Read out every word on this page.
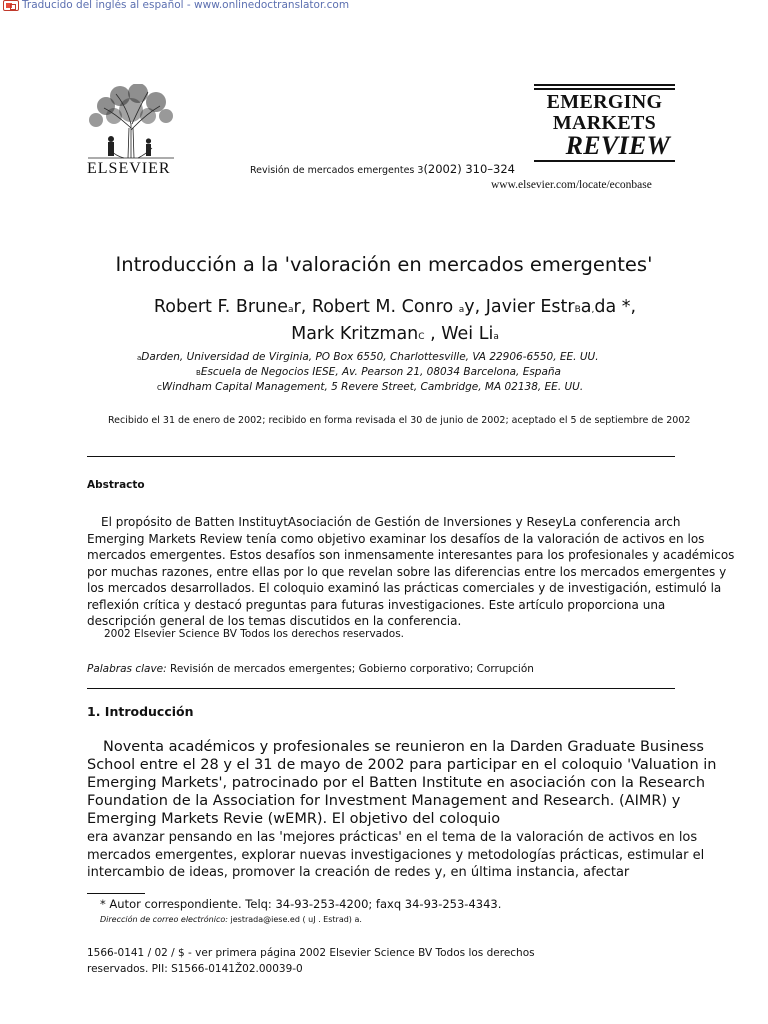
Traducido del inglés al español - www.onlinedoctranslator.com
ELSEVIER	Revisión de mercados emergentes 3(2002) 310–324
EMERGING
MARKETS
REVIEW
www.elsevier.com/locate/econbase
Introducción a la 'valoración en mercados emergentes'
Robert F. Brunear, Robert M. Conro ay, Javier EstrBa,da *,
Mark KritzmanC , Wei Lia
aDarden, Universidad de Virginia, PO Box 6550, Charlottesville, VA 22906-6550, EE. UU.
BEscuela de Negocios IESE, Av. Pearson 21, 08034 Barcelona, España
CWindham Capital Management, 5 Revere Street, Cambridge, MA 02138, EE. UU.
Recibido el 31 de enero de 2002; recibido en forma revisada el 30 de junio de 2002; aceptado el 5 de septiembre de 2002
Abstracto
El propósito de Batten InstituytAsociación de Gestión de Inversiones y ReseyLa conferencia arch Emerging Markets Review tenía como objetivo examinar los desafíos de la valoración de activos en los mercados emergentes. Estos desafíos son inmensamente interesantes para los profesionales y académicos por muchas razones, entre ellas por lo que revelan sobre las diferencias entre los mercados emergentes y los mercados desarrollados. El coloquio examinó las prácticas comerciales y de investigación, estimuló la reflexión crítica y destacó preguntas para futuras investigaciones. Este artículo proporciona una descripción general de los temas discutidos en la conferencia.
2002 Elsevier Science BV Todos los derechos reservados.
Palabras clave: Revisión de mercados emergentes; Gobierno corporativo; Corrupción
1. Introducción
Noventa académicos y profesionales se reunieron en la Darden Graduate Business School entre el 28 y el 31 de mayo de 2002 para participar en el coloquio 'Valuation in Emerging Markets', patrocinado por el Batten Institute en asociación con la Research Foundation de la Association for Investment Management and Research. (AIMR) y Emerging Markets Revie (wEMR). El objetivo del coloquio
era avanzar pensando en las 'mejores prácticas' en el tema de la valoración de activos en los mercados emergentes, explorar nuevas investigaciones y metodologías prácticas, estimular el intercambio de ideas, promover la creación de redes y, en última instancia, afectar
* Autor correspondiente. Telq: 34-93-253-4200; faxq 34-93-253-4343.
Dirección de correo electrónico: jestrada@iese.ed ( uJ . Estrad) a.
1566-0141 / 02 / $ - ver primera página 2002 Elsevier Science BV Todos los derechos
reservados. PII: S1566-0141Ž02.00039-0
